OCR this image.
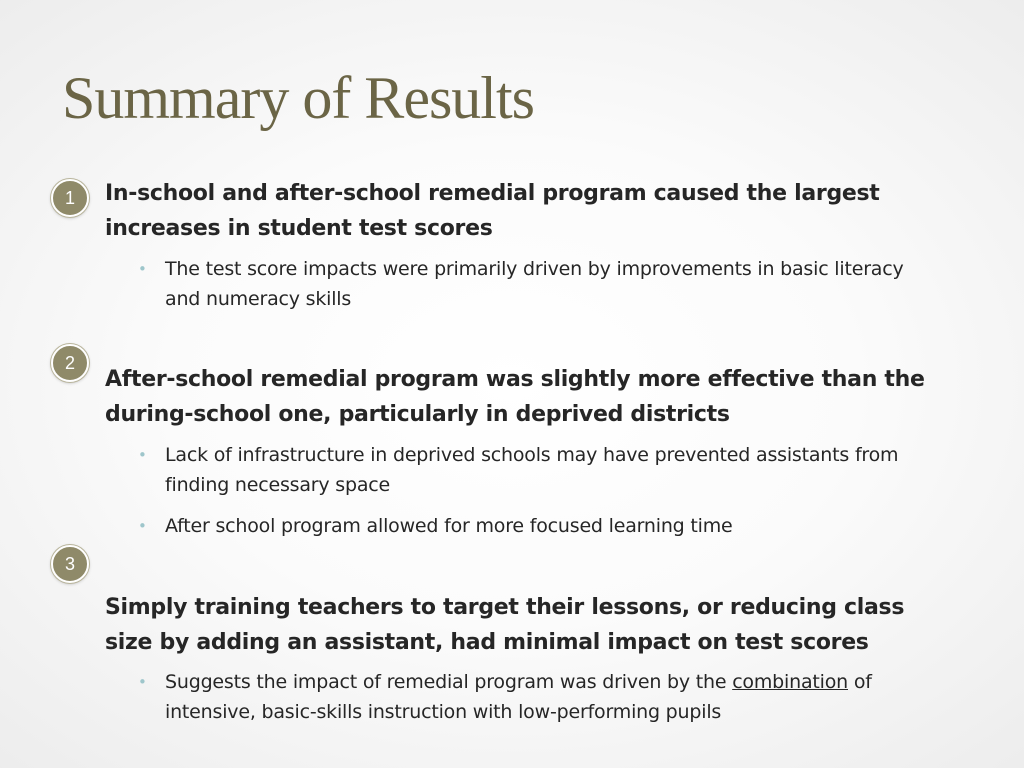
Summary of Results
1	In-school and after-school remedial program caused the largest increases in student test scores

• The test score impacts were primarily driven by improvements in basic literacy and numeracy skills
2

After-school remedial program was slightly more effective than the during-school one, particularly in deprived districts

• Lack of infrastructure in deprived schools may have prevented assistants from finding necessary space
• After school program allowed for more focused learning time
3

Simply training teachers to target their lessons, or reducing class size by adding an assistant, had minimal impact on test scores

• Suggests the impact of remedial program was driven by the combination of intensive, basic-skills instruction with low-performing pupils
